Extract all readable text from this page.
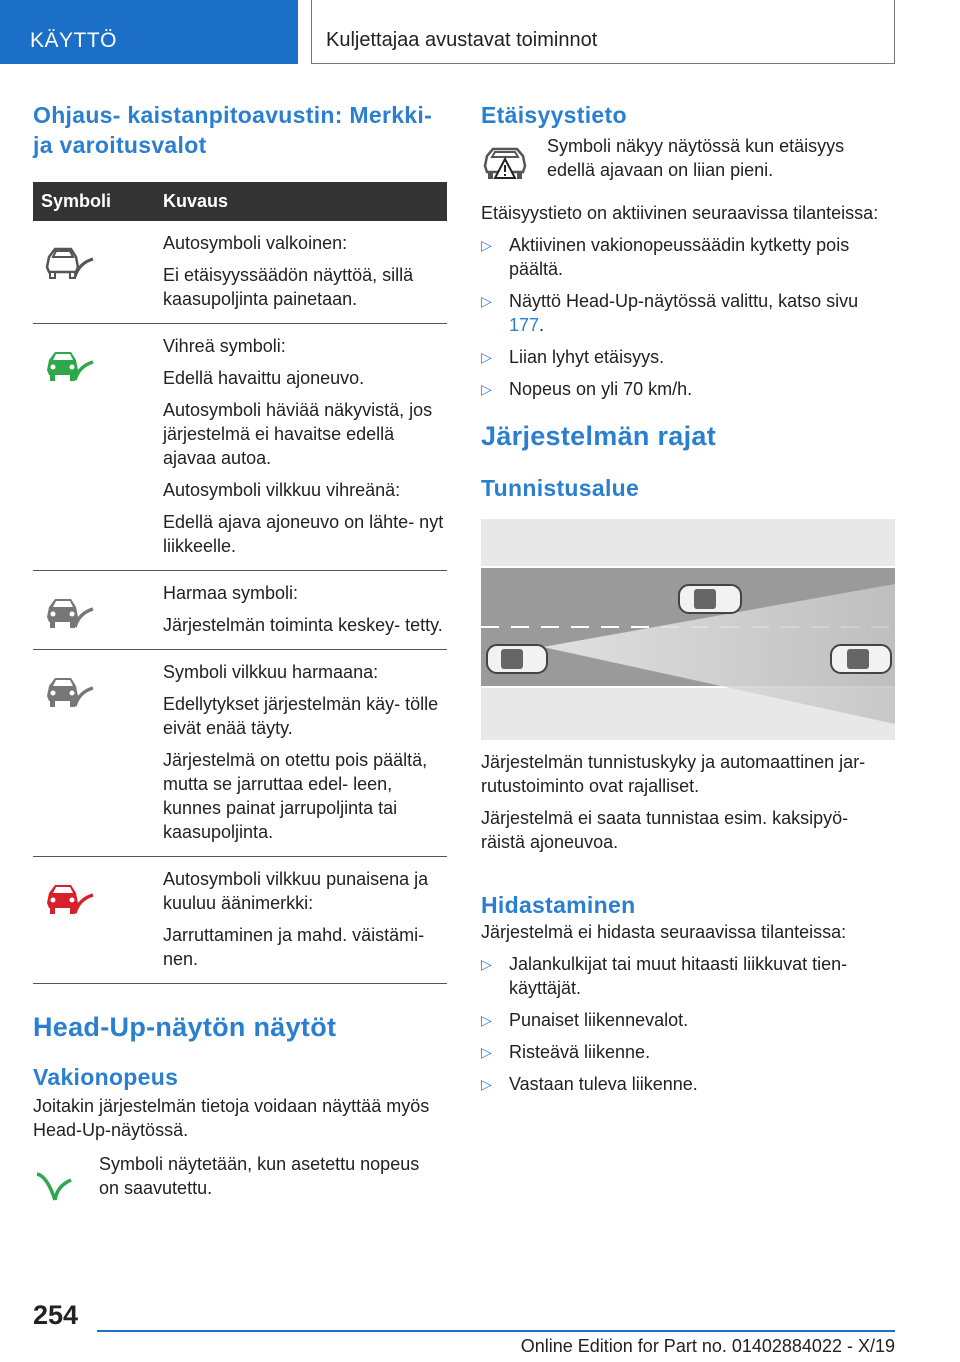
KÄYTTÖ	Kuljettajaa avustavat toiminnot
Ohjaus- kaistanpitoavustin: Merkki- ja varoitusvalot
Symboli	Kuvaus

Autosymboli valkoinen:

Ei etäisyyssäädön näyttöä, sillä kaasupoljinta painetaan.

Vihreä symboli:

Edellä havaittu ajoneuvo.

Autosymboli häviää näkyvistä, jos järjestelmä ei havaitse edellä ajavaa autoa.

Autosymboli vilkkuu vihreänä:

Edellä ajava ajoneuvo on lähte- nyt liikkeelle.

Harmaa symboli:

Järjestelmän toiminta keskey- tetty.

Symboli vilkkuu harmaana:

Edellytykset järjestelmän käy- tölle eivät enää täyty.

Järjestelmä on otettu pois päältä, mutta se jarruttaa edel- leen, kunnes painat jarrupoljinta tai kaasupoljinta.

Autosymboli vilkkuu punaisena ja kuuluu äänimerkki:

Jarruttaminen ja mahd. väistämi- nen.

Head-Up-näytön näytöt
Vakionopeus

Joitakin järjestelmän tietoja voidaan näyttää myös Head-Up-näytössä.

Symboli näytetään, kun asetettu nopeus on saavutettu.

Etäisyystieto

Symboli näkyy näytössä kun etäisyys edellä ajavaan on liian pieni.

Etäisyystieto on aktiivinen seuraavissa tilanteissa:

▷ Aktiivinen vakionopeussäädin kytketty pois päältä.
▷ Näyttö Head-Up-näytössä valittu, katso sivu 177.
▷ Liian lyhyt etäisyys.
▷ Nopeus on yli 70 km/h.
Järjestelmän rajat
Tunnistusalue

Järjestelmän tunnistuskyky ja automaattinen jar- rutustoiminto ovat rajalliset.

Järjestelmä ei saata tunnistaa esim. kaksipyö- räistä ajoneuvoa.

Hidastaminen

Järjestelmä ei hidasta seuraavissa tilanteissa:

▷ Jalankulkijat tai muut hitaasti liikkuvat tien- käyttäjät.
▷ Punaiset liikennevalot.
▷ Risteävä liikenne.
▷ Vastaan tuleva liikenne.
254
Online Edition for Part no. 01402884022 - X/19
